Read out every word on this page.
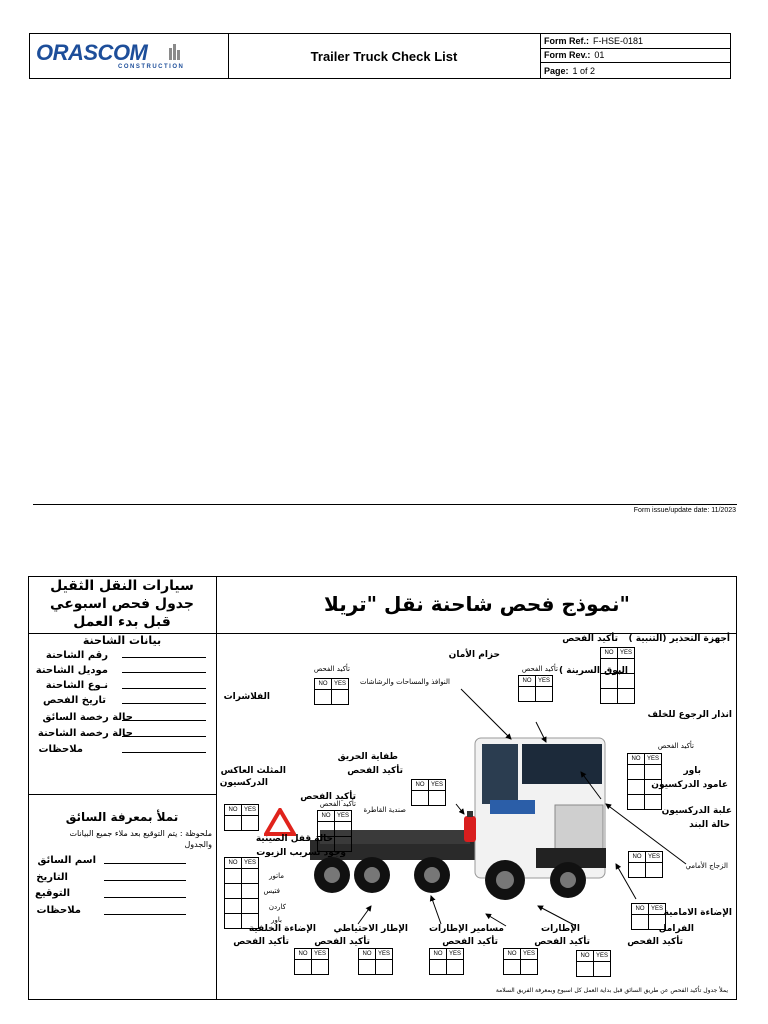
ORASCOM
CONSTRUCTION
Trailer Truck Check List
Form Ref.: F-HSE-0181
Form Rev.: 01
Page: 1 of 2
Form issue/update date: 11/2023
سيارات النقل الثقيل
جدول فحص اسبوعي
قبل بدء العمل
"نموذج فحص شاحنة نقل "تريلا
بيانات الشاحنة
رقم الشاحنة
موديل الشاحنة
نـوع الشاحنة
تاريخ الفحص
حالة رخصة السائق
حالة رخصة الشاحنة
ملاحظات
تملأ بمعرفة السائق
ملحوظة : يتم التوقيع بعد ملاء جميع البيانات والجدول
اسم السائق
التاريخ
التوقيع
ملاحظات
أجهزة التحذير (التنبية )
تأكيد الفحص
حزام الأمان
النوافذ والمساحات والرشاشات
البوق
السرينة )
الفلاشرات
انذار الرجوع للخلف
طفاية الحريق
المثلث العاكس
الدركسيون
باور
عامود الدركسيون
علبة الدركسيون
حالة البند
صندية القاطرة
حالة قفل الصينية
وجود تسريب الزيوت
ماتور
فتيس
كاردن
باور
الزجاج الأمامي
الإضاءة الامامية
الإضاءة الخلفية الإطار الاحتياطي مسامير الإطارات	الإطارات	الفرامل
تأكيد الفحص	تأكيد الفحص
تأكيد الفحص
تأكيد الفحص
تأكيد الفحص
تأكيد الفحص
تأكيد الفحص	تأكيد الفحص	تأكيد الفحص	تأكيد الفحص	تأكيد الفحص
NO	YES

NO	YES

NO	YES

NO	YES

NO	YES

NO	YES

NO	YES

NO	YES

NO	YES

NO	YES

NO	YES
		NO	YES
		NO	YES
		NO	YES
		NO	YES

يملأ جدول تأكيد الفحص عن طريق السائق قبل بداية العمل كل اسبوع وبمعرفة الفريق السلامة
